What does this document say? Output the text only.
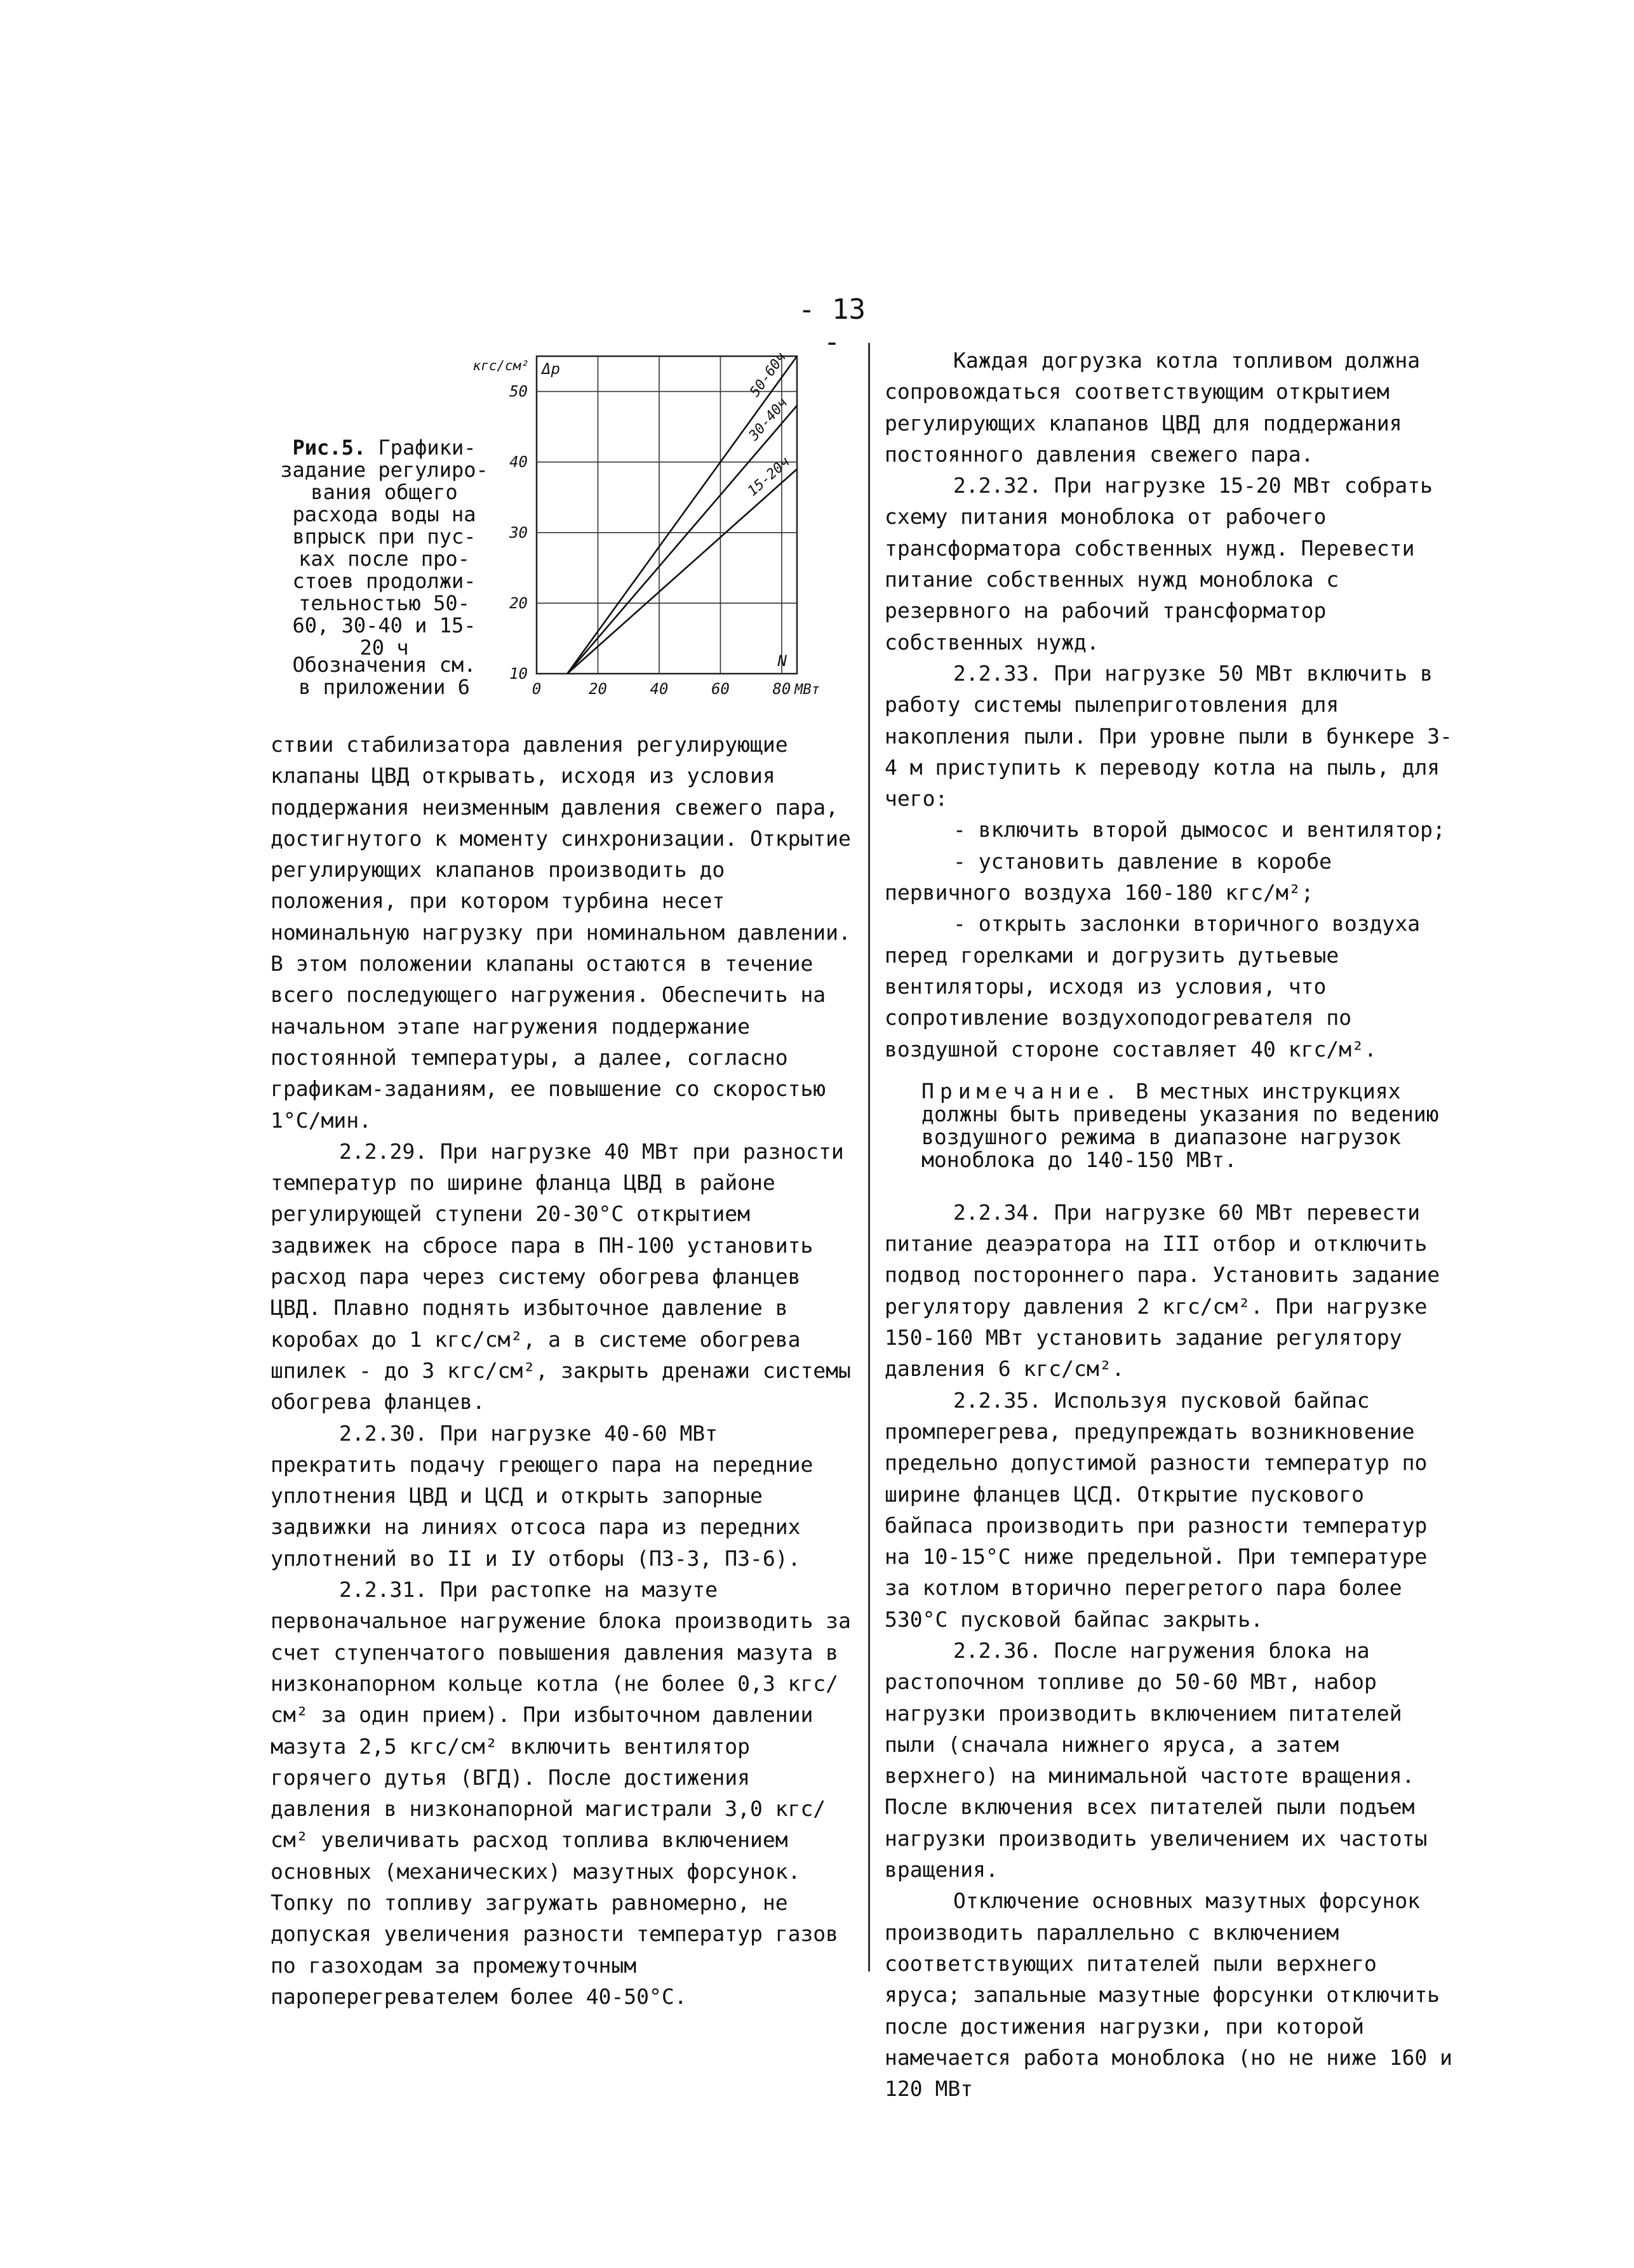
- 13 -
Рис.5. Графики-
задание регулиро-
вания общего
расхода воды на
впрыск при пус-
ках после про-
стоев продолжи-
тельностью 50-
60, 30-40 и 15-
20 ч
Обозначения см.
в приложении 6	0	20	40	60	80
10
20
30
40
50
Δp
кгс/см²
N
МВт
50-60ч
30-40ч
15-20ч

ствии стабилизатора давления регулирующие клапаны ЦВД открывать, исходя из условия поддержания неизменным давления свежего пара, достигнутого к моменту синхронизации. Открытие регулирующих клапанов производить до положения, при котором турбина несет номинальную нагрузку при номинальном давлении. В этом положении клапаны остаются в течение всего последующего нагружения. Обеспечить на начальном этапе нагружения поддержание постоянной температуры, а далее, согласно графикам-заданиям, ее повышение со скоростью 1°С/мин.

2.2.29. При нагрузке 40 МВт при разности температур по ширине фланца ЦВД в районе регулирующей ступени 20-30°С открытием задвижек на сбросе пара в ПН-100 установить расход пара через систему обогрева фланцев ЦВД. Плавно поднять избыточное давление в коробах до 1 кгс/см², а в системе обогрева шпилек - до 3 кгс/см², закрыть дренажи системы обогрева фланцев.

2.2.30. При нагрузке 40-60 МВт прекратить подачу греющего пара на передние уплотнения ЦВД и ЦСД и открыть запорные задвижки на линиях отсоса пара из передних уплотнений во II и IУ отборы (ПЗ-3, ПЗ-6).

2.2.31. При растопке на мазуте первоначальное нагружение блока производить за счет ступенчатого повышения давления мазута в низконапорном кольце котла (не более 0,3 кгс/см² за один прием). При избыточном давлении мазута 2,5 кгс/см² включить вентилятор горячего дутья (ВГД). После достижения давления в низконапорной магистрали 3,0 кгс/см² увеличивать расход топлива включением основных (механических) мазутных форсунок. Топку по топливу загружать равномерно, не допуская увеличения разности температур газов по газоходам за промежуточным пароперегревателем более 40-50°С.

Каждая догрузка котла топливом должна сопровождаться соответствующим открытием регулирующих клапанов ЦВД для поддержания постоянного давления свежего пара.

2.2.32. При нагрузке 15-20 МВт собрать схему питания моноблока от рабочего трансформатора собственных нужд. Перевести питание собственных нужд моноблока с резервного на рабочий трансформатор собственных нужд.

2.2.33. При нагрузке 50 МВт включить в работу системы пылеприготовления для накопления пыли. При уровне пыли в бункере 3-4 м приступить к переводу котла на пыль, для чего:

- включить второй дымосос и вентилятор;

- установить давление в коробе первичного воздуха 160-180 кгс/м²;

- открыть заслонки вторичного воздуха перед горелками и догрузить дутьевые вентиляторы, исходя из условия, что сопротивление воздухоподогревателя по воздушной стороне составляет 40 кгс/м².

Примечание. В местных инструкциях должны быть приведены указания по ведению воздушного режима в диапазоне нагрузок моноблока до 140-150 МВт.

2.2.34. При нагрузке 60 МВт перевести питание деаэратора на III отбор и отключить подвод постороннего пара. Установить задание регулятору давления 2 кгс/см². При нагрузке 150-160 МВт установить задание регулятору давления 6 кгс/см².

2.2.35. Используя пусковой байпас промперегрева, предупреждать возникновение предельно допустимой разности температур по ширине фланцев ЦСД. Открытие пускового байпаса производить при разности температур на 10-15°С ниже предельной. При температуре за котлом вторично перегретого пара более 530°С пусковой байпас закрыть.

2.2.36. После нагружения блока на растопочном топливе до 50-60 МВт, набор нагрузки производить включением питателей пыли (сначала нижнего яруса, а затем верхнего) на минимальной частоте вращения. После включения всех питателей пыли подъем нагрузки производить увеличением их частоты вращения.

Отключение основных мазутных форсунок производить параллельно с включением соответствующих питателей пыли верхнего яруса; запальные мазутные форсунки отключить после достижения нагрузки, при которой намечается работа моноблока (но не ниже 160 и 120 МВт
